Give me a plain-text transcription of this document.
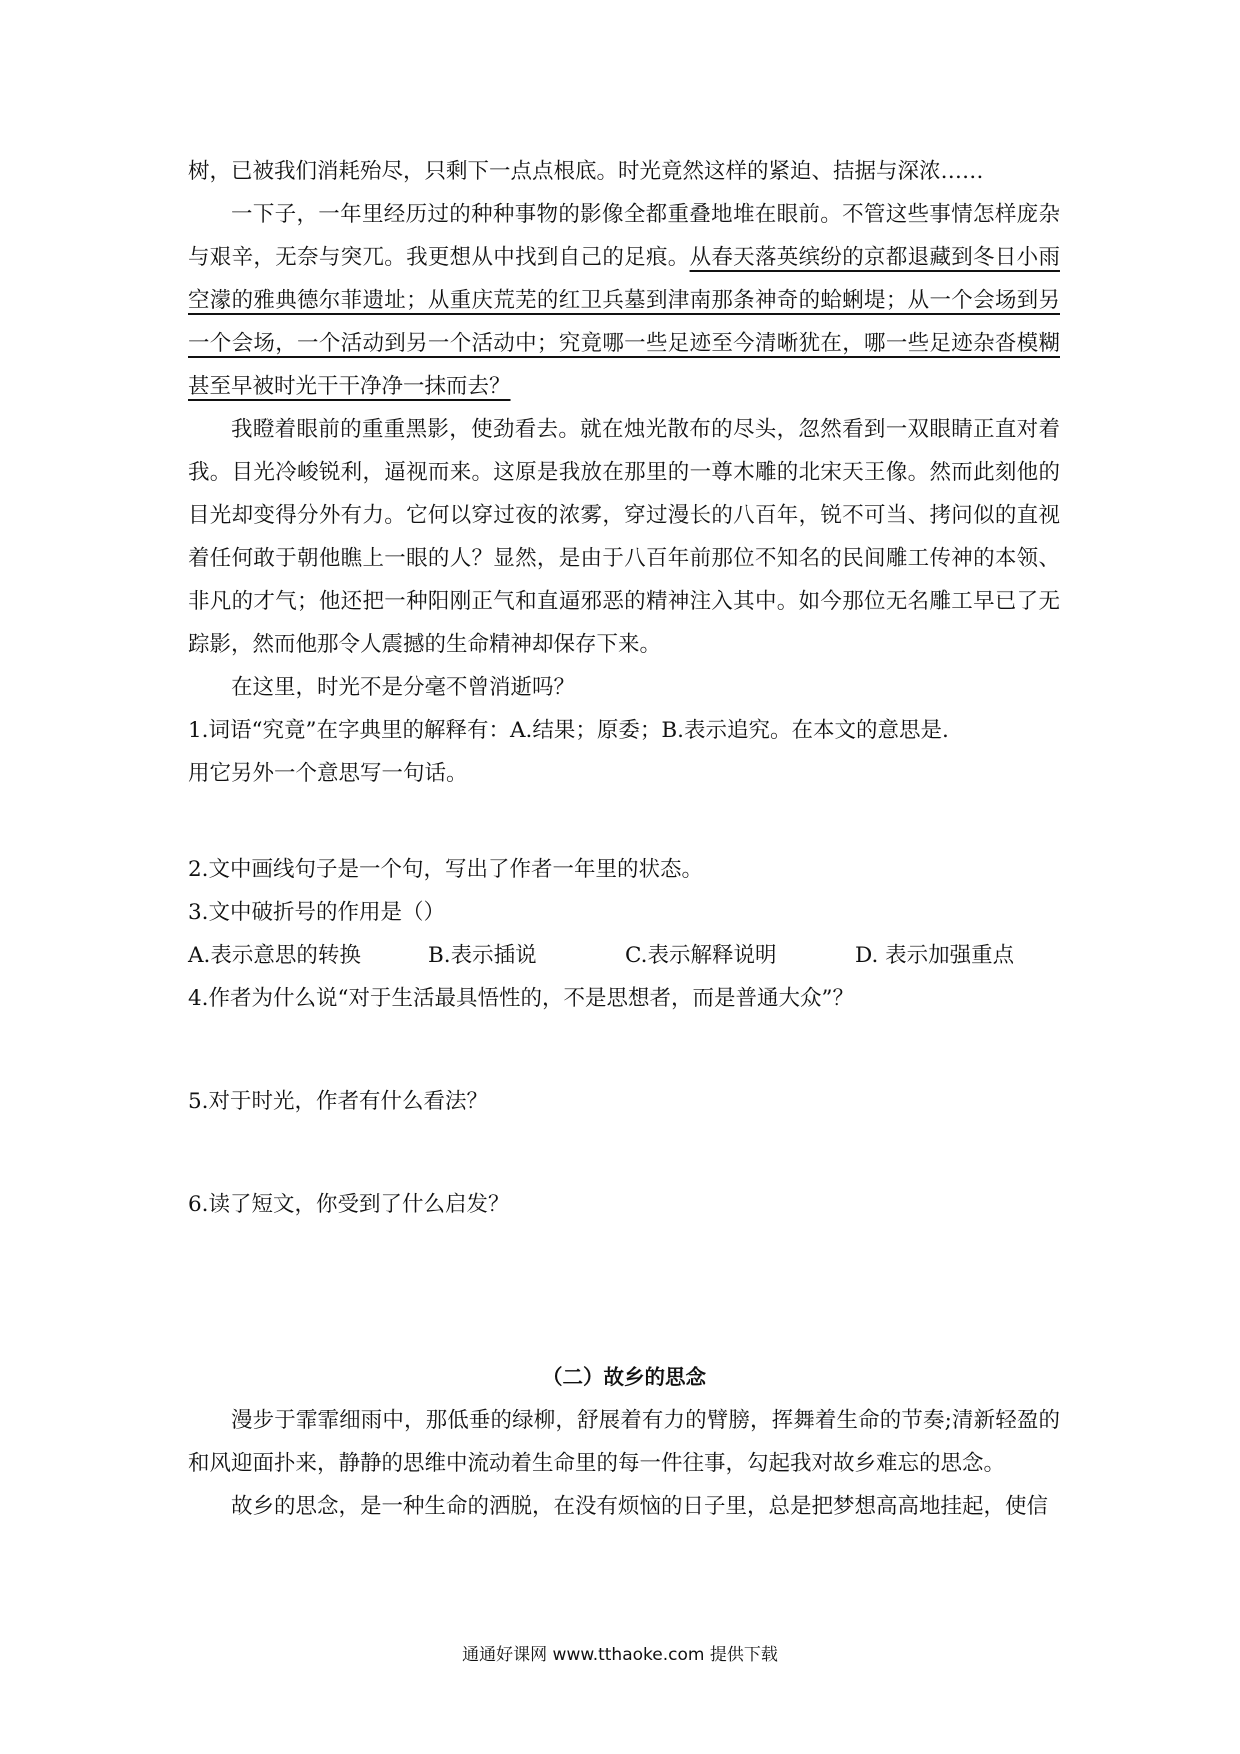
树，已被我们消耗殆尽，只剩下一点点根底。时光竟然这样的紧迫、拮据与深浓……

一下子，一年里经历过的种种事物的影像全都重叠地堆在眼前。不管这些事情怎样庞杂与艰辛，无奈与突兀。我更想从中找到自己的足痕。从春天落英缤纷的京都退藏到冬日小雨空濛的雅典德尔菲遗址；从重庆荒芜的红卫兵墓到津南那条神奇的蛤蜊堤；从一个会场到另一个会场，一个活动到另一个活动中；究竟哪一些足迹至今清晰犹在，哪一些足迹杂沓模糊甚至早被时光干干净净一抹而去？

我瞪着眼前的重重黑影，使劲看去。就在烛光散布的尽头，忽然看到一双眼睛正直对着我。目光冷峻锐利，逼视而来。这原是我放在那里的一尊木雕的北宋天王像。然而此刻他的目光却变得分外有力。它何以穿过夜的浓雾，穿过漫长的八百年，锐不可当、拷问似的直视着任何敢于朝他瞧上一眼的人？显然，是由于八百年前那位不知名的民间雕工传神的本领、非凡的才气；他还把一种阳刚正气和直逼邪恶的精神注入其中。如今那位无名雕工早已了无踪影，然而他那令人震撼的生命精神却保存下来。

在这里，时光不是分毫不曾消逝吗？

1.词语“究竟”在字典里的解释有：A.结果；原委；B.表示追究。在本文的意思是.

用它另外一个意思写一句话。

2.文中画线句子是一个句，写出了作者一年里的状态。

3.文中破折号的作用是（）

A.表示意思的转换	B.表示插说	C.表示解释说明	D. 表示加强重点

4.作者为什么说“对于生活最具悟性的，不是思想者，而是普通大众”？

5.对于时光，作者有什么看法？

6.读了短文，你受到了什么启发？

（二）故乡的思念

漫步于霏霏细雨中，那低垂的绿柳，舒展着有力的臂膀，挥舞着生命的节奏;清新轻盈的和风迎面扑来，静静的思维中流动着生命里的每一件往事，勾起我对故乡难忘的思念。

故乡的思念，是一种生命的洒脱，在没有烦恼的日子里，总是把梦想高高地挂起，使信

通通好课网 www.tthaoke.com 提供下载
